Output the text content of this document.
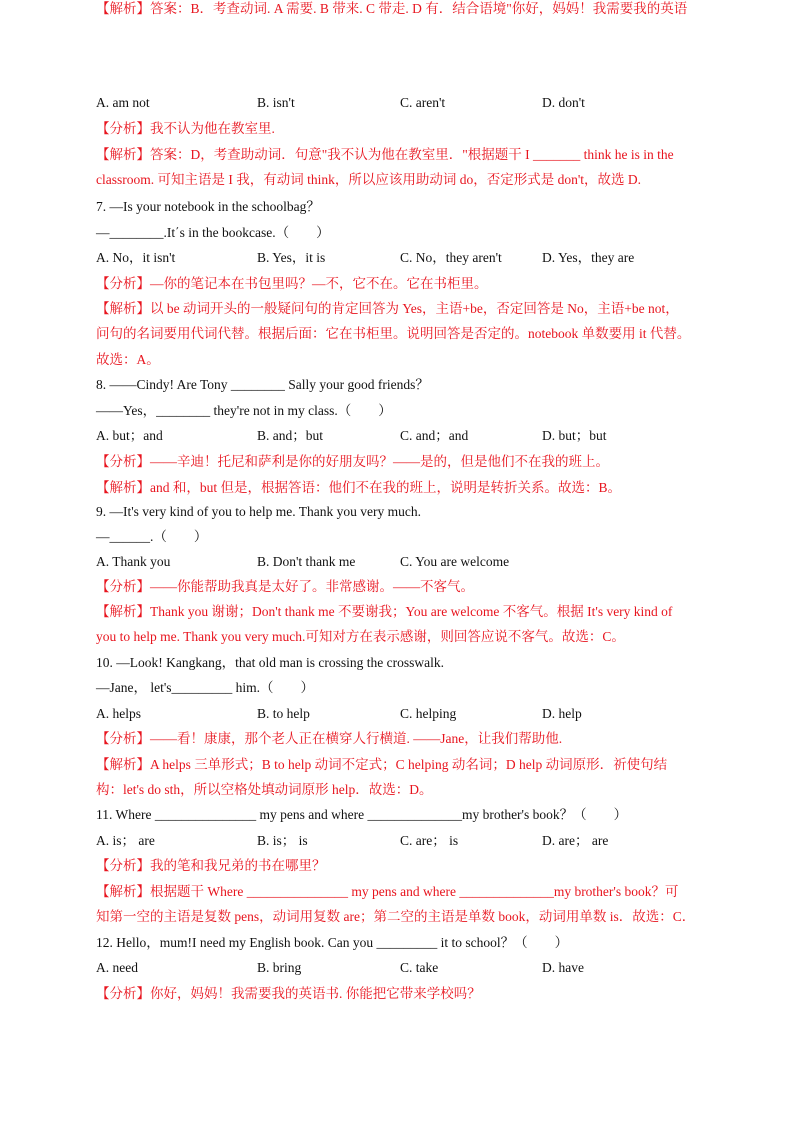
A. am not	B. isn't	C. aren't	D. don't
【分析】我不认为他在教室里.
【解析】答案：D，考查助动词．句意"我不认为他在教室里．"根据题干 I _______ think he is in the
classroom. 可知主语是 I 我，有动词 think，所以应该用助动词 do，否定形式是 don't，故选 D.
7. —Is your notebook in the schoolbag？
—________.It΄s in the bookcase.（　　）
A. No，it isn't	B. Yes，it is	C. No，they aren't	D. Yes，they are
【分析】—你的笔记本在书包里吗？—不，它不在。它在书柜里。
【解析】以 be 动词开头的一般疑问句的肯定回答为 Yes，主语+be，否定回答是 No，主语+be not，
问句的名词要用代词代替。根据后面：它在书柜里。说明回答是否定的。notebook 单数要用 it 代替。
故选：A。
8. ——Cindy! Are Tony ________ Sally your good friends？
——Yes，________ they're not in my class.（　　）
A. but；and	B. and；but	C. and；and	D. but；but
【分析】——辛迪！托尼和萨利是你的好朋友吗？——是的，但是他们不在我的班上。
【解析】and 和，but 但是，根据答语：他们不在我的班上，说明是转折关系。故选：B。
9. —It's very kind of you to help me. Thank you very much.
—______.（　　）
A. Thank you	B. Don't thank me	C. You are welcome
【分析】——你能帮助我真是太好了。非常感谢。——不客气。
【解析】Thank you 谢谢；Don't thank me 不要谢我；You are welcome 不客气。根据 It's very kind of
you to help me. Thank you very much.可知对方在表示感谢，则回答应说不客气。故选：C。
10. —Look! Kangkang，that old man is crossing the crosswalk.
—Jane， let's_________ him.（　　）
A. helps	B. to help	C. helping	D. help
【分析】——看！康康，那个老人正在横穿人行横道. ——Jane，让我们帮助他.
【解析】A helps 三单形式；B to help 动词不定式；C helping 动名词；D help 动词原形．祈使句结
构：let's do sth，所以空格处填动词原形 help．故选：D。
11. Where _______________ my pens and where ______________my brother's book？（　　）
A. is； are	B. is； is	C. are； is	D. are； are
【分析】我的笔和我兄弟的书在哪里？
【解析】根据题干 Where _______________ my pens and where ______________my brother's book？可
知第一空的主语是复数 pens，动词用复数 are；第二空的主语是单数 book，动词用单数 is．故选：C．
12. Hello，mum!I need my English book. Can you _________ it to school？（　　）
A. need	B. bring	C. take	D. have
【分析】你好，妈妈！我需要我的英语书. 你能把它带来学校吗？
【解析】答案：B．考查动词. A 需要. B 带来. C 带走. D 有．结合语境"你好，妈妈！我需要我的英语
